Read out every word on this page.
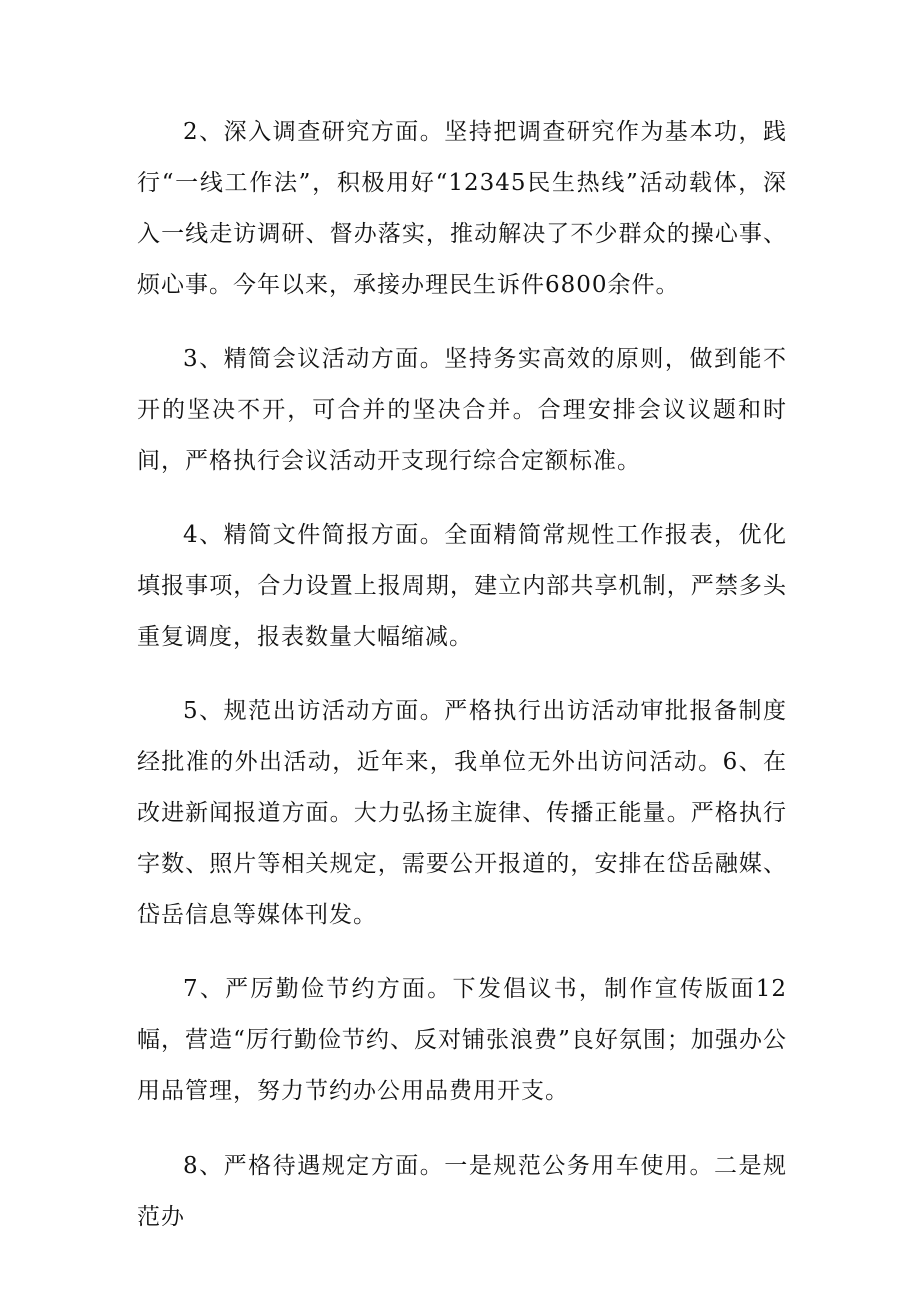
2、深入调查研究方面。坚持把调查研究作为基本功，践行“一线工作法”，积极用好“12345民生热线”活动载体，深入一线走访调研、督办落实，推动解决了不少群众的操心事、烦心事。今年以来，承接办理民生诉件6800余件。

3、精简会议活动方面。坚持务实高效的原则，做到能不开的坚决不开，可合并的坚决合并。合理安排会议议题和时间，严格执行会议活动开支现行综合定额标准。

4、精简文件简报方面。全面精简常规性工作报表，优化填报事项，合力设置上报周期，建立内部共享机制，严禁多头重复调度，报表数量大幅缩减。

5、规范出访活动方面。严格执行出访活动审批报备制度经批准的外出活动，近年来，我单位无外出访问活动。6、在改进新闻报道方面。大力弘扬主旋律、传播正能量。严格执行字数、照片等相关规定，需要公开报道的，安排在岱岳融媒、岱岳信息等媒体刊发。

7、严厉勤俭节约方面。下发倡议书，制作宣传版面12幅，营造“厉行勤俭节约、反对铺张浪费”良好氛围；加强办公用品管理，努力节约办公用品费用开支。

8、严格待遇规定方面。一是规范公务用车使用。二是规范办
